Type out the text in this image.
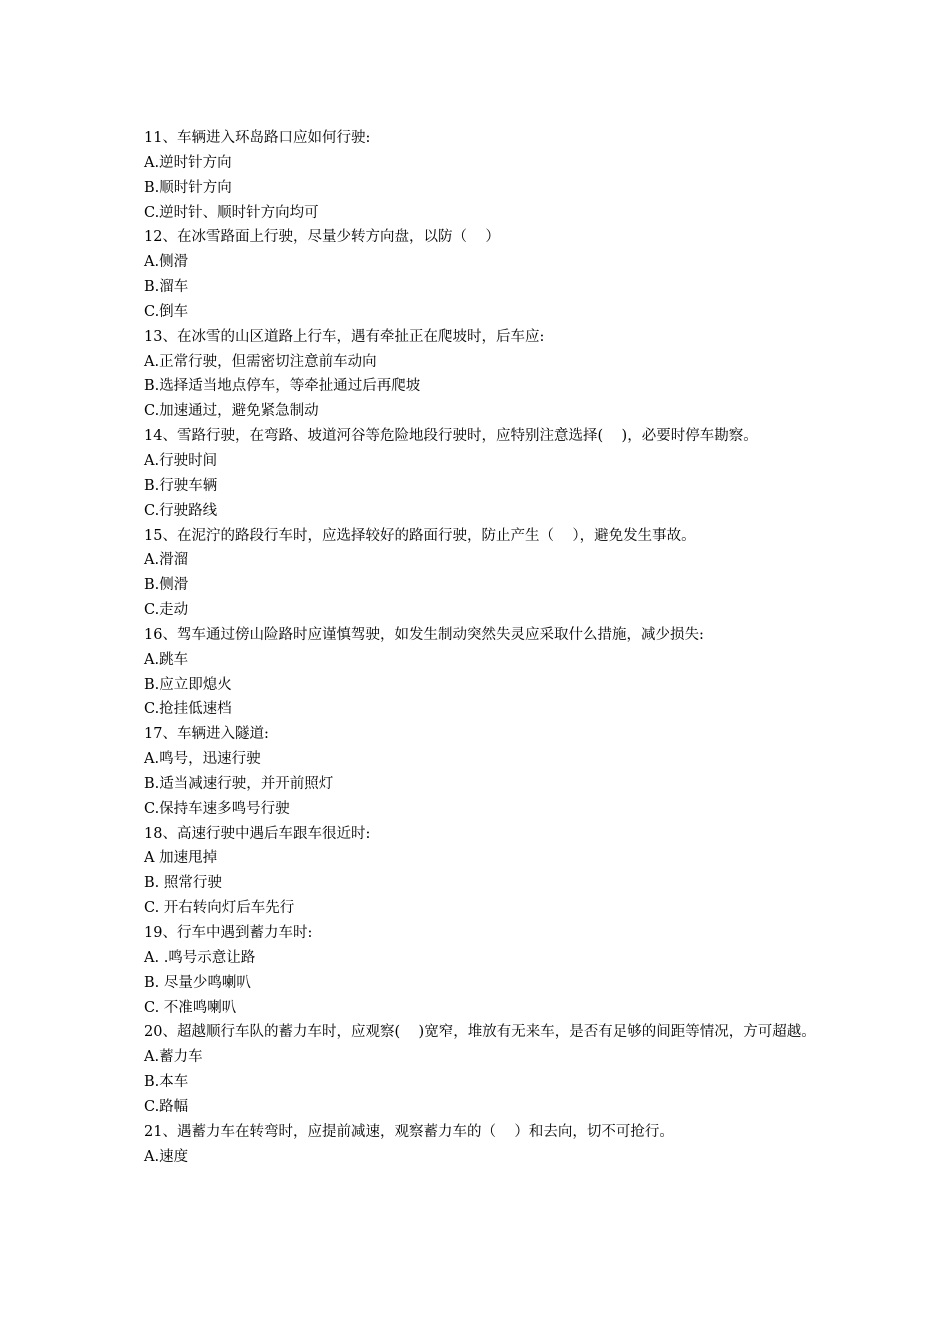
11、车辆进入环岛路口应如何行驶:
A.逆时针方向
B.顺时针方向
C.逆时针、顺时针方向均可
12、在冰雪路面上行驶，尽量少转方向盘，以防（    ）
A.侧滑
B.溜车
C.倒车
13、在冰雪的山区道路上行车，遇有牵扯正在爬坡时，后车应:
A.正常行驶，但需密切注意前车动向
B.选择适当地点停车，等牵扯通过后再爬坡
C.加速通过，避免紧急制动
14、雪路行驶，在弯路、坡道河谷等危险地段行驶时，应特别注意选择(    )，必要时停车勘察。
A.行驶时间
B.行驶车辆
C.行驶路线
15、在泥泞的路段行车时，应选择较好的路面行驶，防止产生（    ），避免发生事故。
A.滑溜
B.侧滑
C.走动
16、驾车通过傍山险路时应谨慎驾驶，如发生制动突然失灵应采取什么措施，减少损失:
A.跳车
B.应立即熄火
C.抢挂低速档
17、车辆进入隧道:
A.鸣号，迅速行驶
B.适当减速行驶，并开前照灯
C.保持车速多鸣号行驶
18、高速行驶中遇后车跟车很近时:
A 加速甩掉
B. 照常行驶
C. 开右转向灯后车先行
19、行车中遇到蓄力车时:
A. .鸣号示意让路
B. 尽量少鸣喇叭
C. 不准鸣喇叭
20、超越顺行车队的蓄力车时，应观察(    )宽窄，堆放有无来车，是否有足够的间距等情况，方可超越。
A.蓄力车
B.本车
C.路幅
21、遇蓄力车在转弯时，应提前减速，观察蓄力车的（    ）和去向，切不可抢行。
A.速度
